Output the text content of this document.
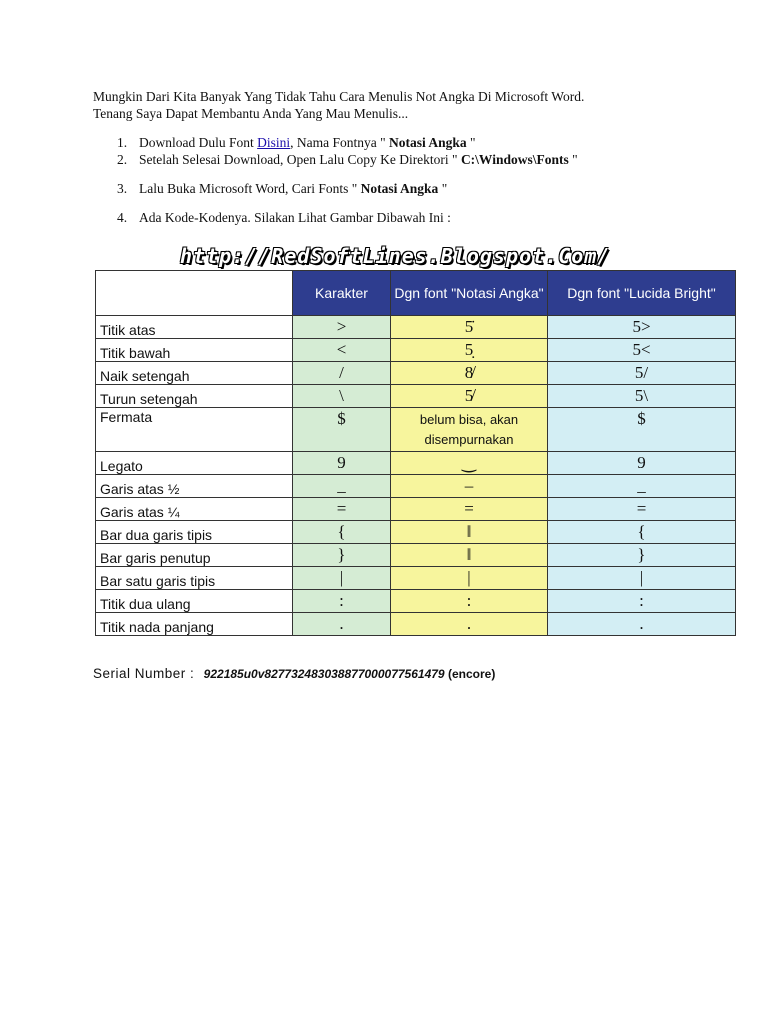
Mungkin Dari Kita Banyak Yang Tidak Tahu Cara Menulis Not Angka Di Microsoft Word.

Tenang Saya Dapat Membantu Anda Yang Mau Menulis...

1. Download Dulu Font Disini, Nama Fontnya " Notasi Angka "
2. Setelah Selesai Download, Open Lalu Copy Ke Direktori " C:\Windows\Fonts "
3. Lalu Buka Microsoft Word, Cari Fonts " Notasi Angka "
4. Ada Kode-Kodenya. Silakan Lihat Gambar Dibawah Ini :
http://RedSoftLines.Blogspot.Com/
	Karakter	Dgn font "Notasi Angka"	Dgn font "Lucida Bright"
Titik atas	>	5̇	5>
Titik bawah	<	5̣	5<
Naik setengah	/	8̸	5/
Turun setengah	\	5̸	5\
Fermata	$	belum bisa, akan disempurnakan	$
Legato	9	‿	9
Garis atas ½	_	–	_
Garis atas ¼	=	=	=
Bar dua garis tipis	{	‖	{
Bar garis penutup	}	‖	}
Bar satu garis tipis	|	|	|
Titik dua ulang	:	:	:
Titik nada panjang	.	.	.
Serial Number : 922185u0v827732483038877000077561479 (encore)
